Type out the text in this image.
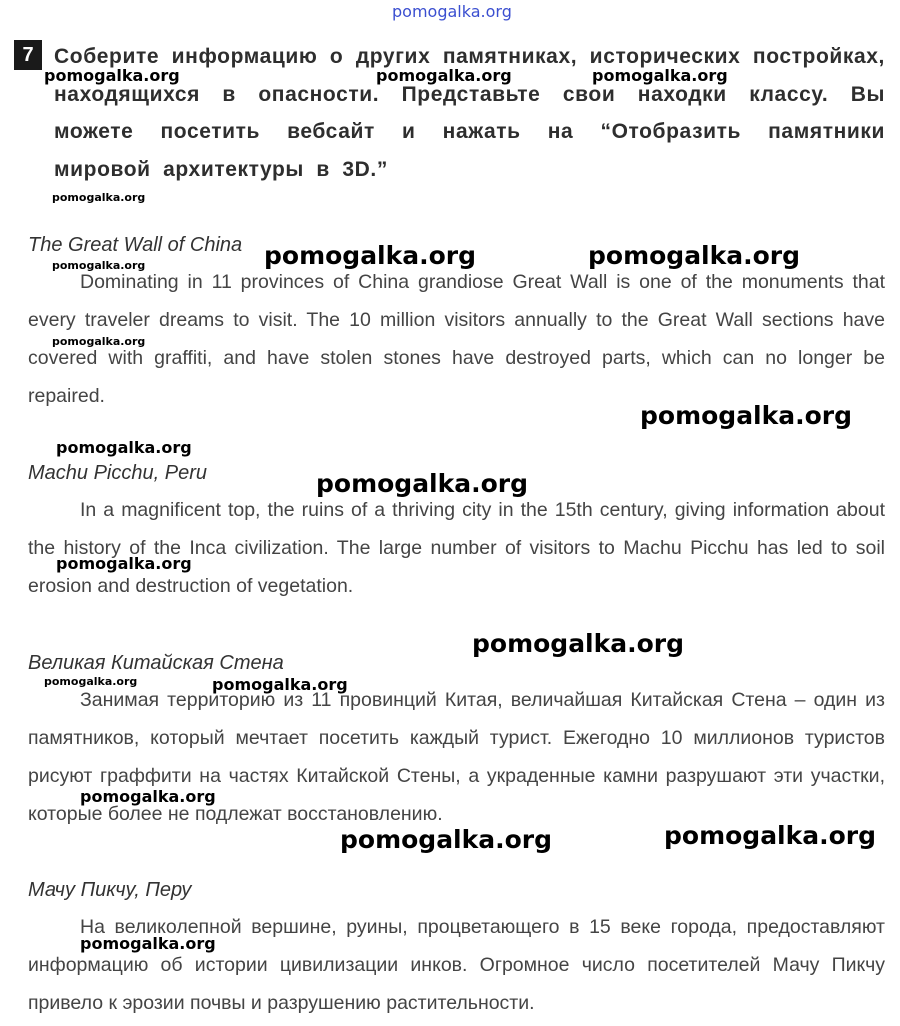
pomogalka.org
7 Соберите информацию о других памятниках, исторических постройках, находящихся в опасности. Представьте свои находки классу. Вы можете посетить вебсайт и нажать на “Отобразить памятники мировой архитектуры в 3D.”
The Great Wall of China
Dominating in 11 provinces of China grandiose Great Wall is one of the monuments that every traveler dreams to visit. The 10 million visitors annually to the Great Wall sections have covered with graffiti, and have stolen stones have destroyed parts, which can no longer be repaired.
Machu Picchu, Peru
In a magnificent top, the ruins of a thriving city in the 15th century, giving information about the history of the Inca civilization. The large number of visitors to Machu Picchu has led to soil erosion and destruction of vegetation.
Великая Китайская Стена
Занимая территорию из 11 провинций Китая, величайшая Китайская Стена – один из памятников, который мечтает посетить каждый турист. Ежегодно 10 миллионов туристов рисуют граффити на частях Китайской Стены, а украденные камни разрушают эти участки, которые более не подлежат восстановлению.
Мачу Пикчу, Перу
На великолепной вершине, руины, процветающего в 15 веке города, предоставляют информацию об истории цивилизации инков. Огромное число посетителей Мачу Пикчу привело к эрозии почвы и разрушению растительности.
pomogalka.org	pomogalka.org	pomogalka.org
pomogalka.org
pomogalka.org	pomogalka.org
pomogalka.org
pomogalka.org
pomogalka.org
pomogalka.org
pomogalka.org
pomogalka.org
pomogalka.org
pomogalka.org	pomogalka.org
pomogalka.org
pomogalka.org
pomogalka.org
pomogalka.org
